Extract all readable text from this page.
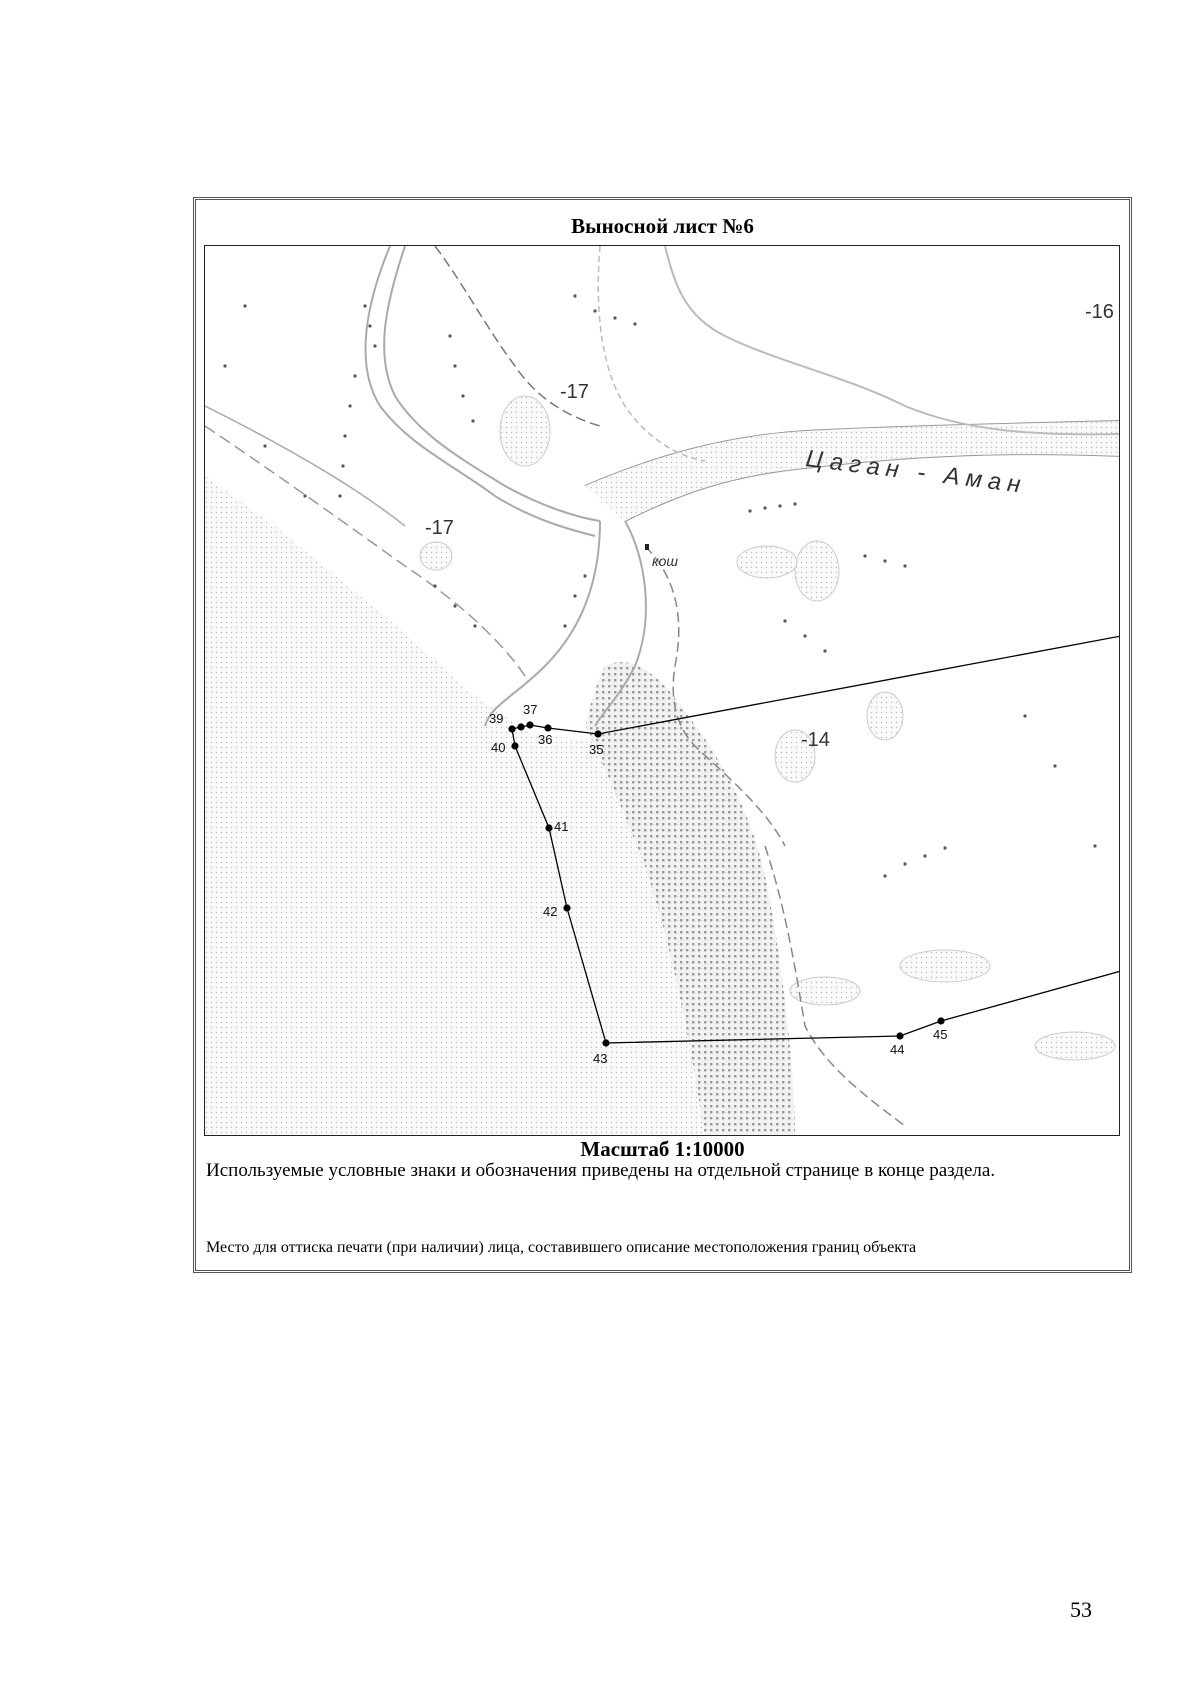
Выносной лист №6
35
36
37
39
40
41
42
43
44
45
-17
-17
-14
-16
Цаган - Аман
кош
Масштаб 1:10000
Используемые условные знаки и обозначения приведены на отдельной странице в конце раздела.
Место для оттиска печати (при наличии) лица, составившего описание местоположения границ объекта
53
